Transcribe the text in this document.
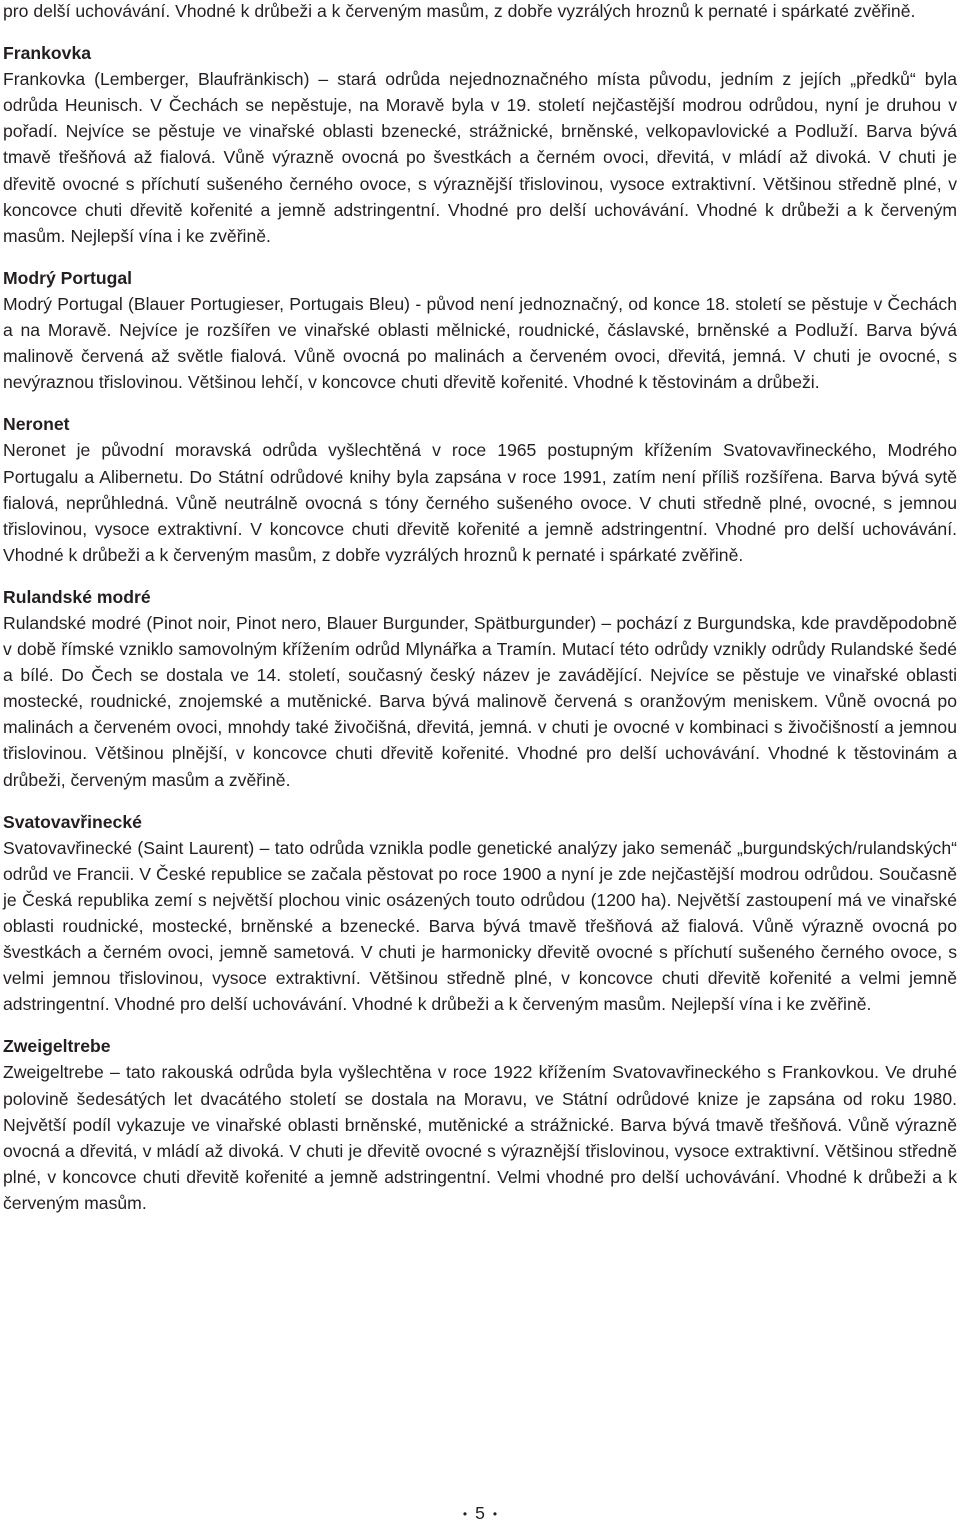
pro delší uchovávání. Vhodné k drůbeži a k červeným masům, z dobře vyzrálých hroznů k pernaté i spárkaté zvěřině.

Frankovka

Frankovka (Lemberger, Blaufränkisch) – stará odrůda nejednoznačného místa původu, jedním z jejích „předků“ byla odrůda Heunisch. V Čechách se nepěstuje, na Moravě byla v 19. století nejčastější modrou odrůdou, nyní je druhou v pořadí. Nejvíce se pěstuje ve vinařské oblasti bzenecké, strážnické, brněnské, velkopavlovické a Podluží. Barva bývá tmavě třešňová až fialová. Vůně výrazně ovocná po švestkách a černém ovoci, dřevitá, v mládí až divoká. V chuti je dřevitě ovocné s příchutí sušeného černého ovoce, s výraznější třislovinou, vysoce extraktivní. Většinou středně plné, v koncovce chuti dřevitě kořenité a jemně adstringentní. Vhodné pro delší uchovávání. Vhodné k drůbeži a k červeným masům. Nejlepší vína i ke zvěřině.

Modrý Portugal

Modrý Portugal (Blauer Portugieser, Portugais Bleu) - původ není jednoznačný, od konce 18. století se pěstuje v Čechách a na Moravě. Nejvíce je rozšířen ve vinařské oblasti mělnické, roudnické, čáslavské, brněnské a Podluží. Barva bývá malinově červená až světle fialová. Vůně ovocná po malinách a červeném ovoci, dřevitá, jemná. V chuti je ovocné, s nevýraznou třislovinou. Většinou lehčí, v koncovce chuti dřevitě kořenité. Vhodné k těstovinám a drůbeži.

Neronet

Neronet je původní moravská odrůda vyšlechtěná v roce 1965 postupným křížením Svatovavřineckého, Modrého Portugalu a Alibernetu. Do Státní odrůdové knihy byla zapsána v roce 1991, zatím není příliš rozšířena. Barva bývá sytě fialová, neprůhledná. Vůně neutrálně ovocná s tóny černého sušeného ovoce. V chuti středně plné, ovocné, s jemnou třislovinou, vysoce extraktivní. V koncovce chuti dřevitě kořenité a jemně adstringentní. Vhodné pro delší uchovávání. Vhodné k drůbeži a k červeným masům, z dobře vyzrálých hroznů k pernaté i spárkaté zvěřině.

Rulandské modré

Rulandské modré (Pinot noir, Pinot nero, Blauer Burgunder, Spätburgunder) – pochází z Burgundska, kde pravděpodobně v době římské vzniklo samovolným křížením odrůd Mlynářka a Tramín. Mutací této odrůdy vznikly odrůdy Rulandské šedé a bílé. Do Čech se dostala ve 14. století, současný český název je zavádějící. Nejvíce se pěstuje ve vinařské oblasti mostecké, roudnické, znojemské a mutěnické. Barva bývá malinově červená s oranžovým meniskem. Vůně ovocná po malinách a červeném ovoci, mnohdy také živočišná, dřevitá, jemná. v chuti je ovocné v kombinaci s živočišností a jemnou třislovinou. Většinou plnější, v koncovce chuti dřevitě kořenité. Vhodné pro delší uchovávání. Vhodné k těstovinám a drůbeži, červeným masům a zvěřině.

Svatovavřinecké

Svatovavřinecké (Saint Laurent) – tato odrůda vznikla podle genetické analýzy jako semenáč „burgundských/rulandských“ odrůd ve Francii. V České republice se začala pěstovat po roce 1900 a nyní je zde nejčastější modrou odrůdou. Současně je Česká republika zemí s největší plochou vinic osázených touto odrůdou (1200 ha). Největší zastoupení má ve vinařské oblasti roudnické, mostecké, brněnské a bzenecké. Barva bývá tmavě třešňová až fialová. Vůně výrazně ovocná po švestkách a černém ovoci, jemně sametová. V chuti je harmonicky dřevitě ovocné s příchutí sušeného černého ovoce, s velmi jemnou třislovinou, vysoce extraktivní. Většinou středně plné, v koncovce chuti dřevitě kořenité a velmi jemně adstringentní. Vhodné pro delší uchovávání. Vhodné k drůbeži a k červeným masům. Nejlepší vína i ke zvěřině.

Zweigeltrebe

Zweigeltrebe – tato rakouská odrůda byla vyšlechtěna v roce 1922 křížením Svatovavřineckého s Frankovkou. Ve druhé polovině šedesátých let dvacátého století se dostala na Moravu, ve Státní odrůdové knize je zapsána od roku 1980. Největší podíl vykazuje ve vinařské oblasti brněnské, mutěnické a strážnické. Barva bývá tmavě třešňová. Vůně výrazně ovocná a dřevitá, v mládí až divoká. V chuti je dřevitě ovocné s výraznější třislovinou, vysoce extraktivní. Většinou středně plné, v koncovce chuti dřevitě kořenité a jemně adstringentní. Velmi vhodné pro delší uchovávání. Vhodné k drůbeži a k červeným masům.

• 5 •
